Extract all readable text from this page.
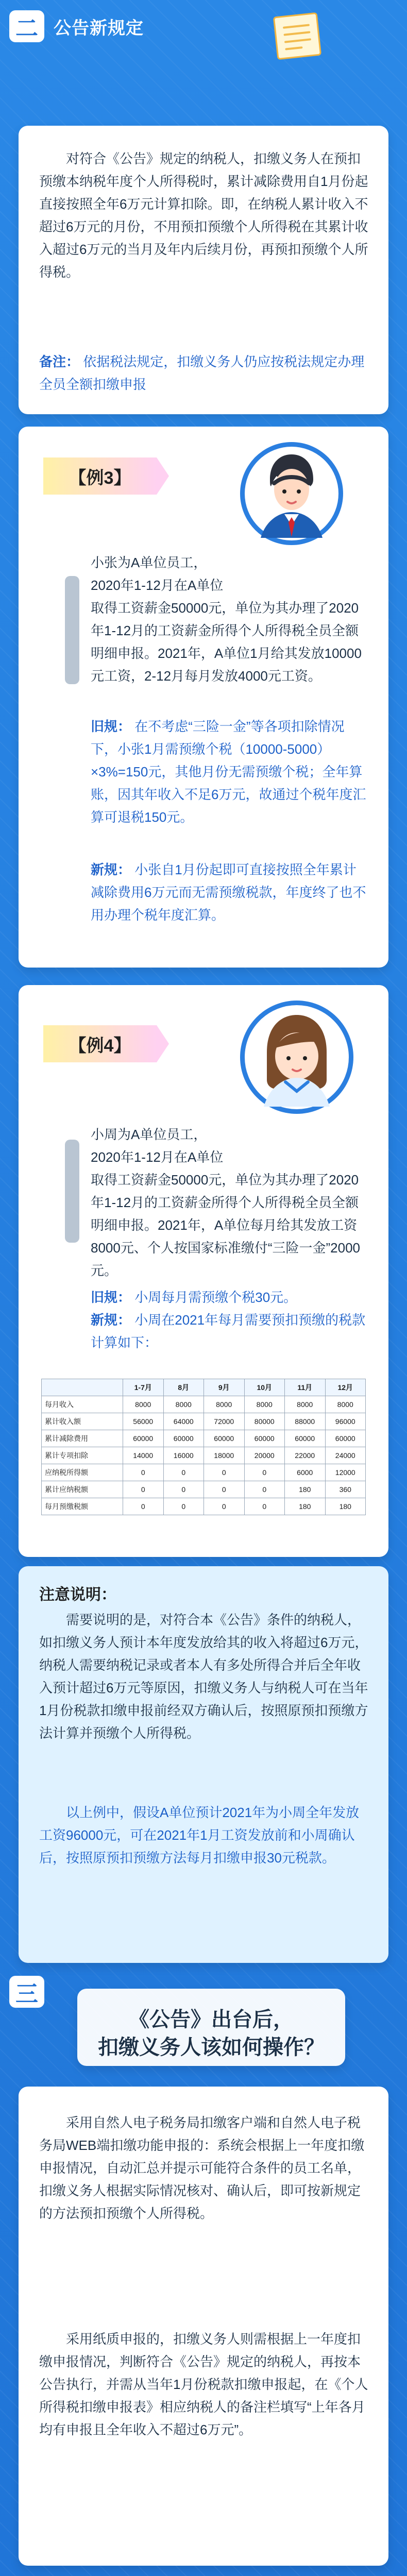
二 公告新规定
对符合《公告》规定的纳税人，扣缴义务人在预扣预缴本纳税年度个人所得税时，累计减除费用自1月份起直接按照全年6万元计算扣除。即，在纳税人累计收入不超过6万元的月份，不用预扣预缴个人所得税在其累计收入超过6万元的当月及年内后续月份，再预扣预缴个人所得税。
备注： 依据税法规定，扣缴义务人仍应按税法规定办理全员全额扣缴申报
【例3】
小张为A单位员工，
2020年1-12月在A单位
取得工资薪金50000元，单位为其办理了2020年1-12月的工资薪金所得个人所得税全员全额明细申报。2021年，A单位1月给其发放10000元工资，2-12月每月发放4000元工资。
旧规： 在不考虑“三险一金”等各项扣除情况下，小张1月需预缴个税（10000-5000）×3%=150元，其他月份无需预缴个税；全年算账，因其年收入不足6万元，故通过个税年度汇算可退税150元。
新规： 小张自1月份起即可直接按照全年累计减除费用6万元而无需预缴税款，年度终了也不用办理个税年度汇算。
【例4】
小周为A单位员工，
2020年1-12月在A单位
取得工资薪金50000元，单位为其办理了2020年1-12月的工资薪金所得个人所得税全员全额明细申报。2021年，A单位每月给其发放工资8000元、个人按国家标准缴付“三险一金”2000元。
旧规： 小周每月需预缴个税30元。
新规： 小周在2021年每月需要预扣预缴的税款计算如下：
	1-7月	8月	9月	10月	11月	12月
每月收入	8000	8000	8000	8000	8000	8000
累计收入额	56000	64000	72000	80000	88000	96000
累计减除费用	60000	60000	60000	60000	60000	60000
累计专项扣除	14000	16000	18000	20000	22000	24000
应纳税所得额	0	0	0	0	6000	12000
累计应纳税额	0	0	0	0	180	360
每月预缴税额	0	0	0	0	180	180
注意说明：
需要说明的是，对符合本《公告》条件的纳税人，如扣缴义务人预计本年度发放给其的收入将超过6万元，纳税人需要纳税记录或者本人有多处所得合并后全年收入预计超过6万元等原因，扣缴义务人与纳税人可在当年1月份税款扣缴申报前经双方确认后，按照原预扣预缴方法计算并预缴个人所得税。
以上例中，假设A单位预计2021年为小周全年发放工资96000元，可在2021年1月工资发放前和小周确认后，按照原预扣预缴方法每月扣缴申报30元税款。
三
《公告》出台后，
扣缴义务人该如何操作？
采用自然人电子税务局扣缴客户端和自然人电子税务局WEB端扣缴功能申报的：系统会根据上一年度扣缴申报情况，自动汇总并提示可能符合条件的员工名单，扣缴义务人根据实际情况核对、确认后，即可按新规定的方法预扣预缴个人所得税。
采用纸质申报的，扣缴义务人则需根据上一年度扣缴申报情况，判断符合《公告》规定的纳税人，再按本公告执行，并需从当年1月份税款扣缴申报起，在《个人所得税扣缴申报表》相应纳税人的备注栏填写“上年各月均有申报且全年收入不超过6万元”。
